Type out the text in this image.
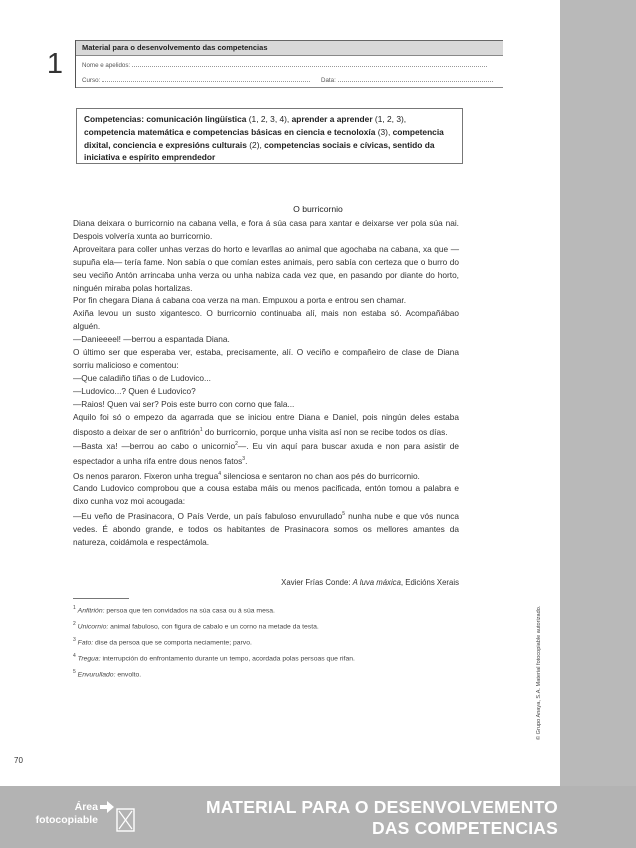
1
Material para o desenvolvemento das competencias
Nome e apelidos:
Curso:	Data:
Competencias: comunicación lingüística (1, 2, 3, 4), aprender a aprender (1, 2, 3), competencia matemática e competencias básicas en ciencia e tecnoloxía (3), competencia dixital, conciencia e expresións culturais (2), competencias sociais e cívicas, sentido da iniciativa e espírito emprendedor
O burricornio

Diana deixara o burricornio na cabana vella, e fora á súa casa para xantar e deixarse ver pola súa nai. Despois volvería xunta ao burricornio.

Aproveitara para coller unhas verzas do horto e levarllas ao animal que agochaba na cabana, xa que —supuña ela— tería fame. Non sabía o que comían estes animais, pero sabía con certeza que o burro do seu veciño Antón arrincaba unha verza ou unha nabiza cada vez que, en pasando por diante do horto, ninguén miraba polas hortalizas.

Por fin chegara Diana á cabana coa verza na man. Empuxou a porta e entrou sen chamar.

Axiña levou un susto xigantesco. O burricornio continuaba alí, mais non estaba só. Acompañábao alguén.

—Danieeeel! —berrou a espantada Diana.

O último ser que esperaba ver, estaba, precisamente, alí. O veciño e compañeiro de clase de Diana sorriu malicioso e comentou:

—Que caladiño tiñas o de Ludovico...

—Ludovico...? Quen é Ludovico?

—Raios! Quen vai ser? Pois este burro con corno que fala...

Aquilo foi só o empezo da agarrada que se iniciou entre Diana e Daniel, pois ningún deles estaba disposto a deixar de ser o anfitrión$^1$ do burricornio, porque unha visita así non se recibe todos os días.

—Basta xa! —berrou ao cabo o unicornio$^2$—. Eu vin aquí para buscar axuda e non para asistir de espectador a unha rifa entre dous nenos fatos$^3$.

Os nenos pararon. Fixeron unha tregua$^4$ silenciosa e sentaron no chan aos pés do burricornio.

Cando Ludovico comprobou que a cousa estaba máis ou menos pacificada, entón tomou a palabra e dixo cunha voz moi acougada:

—Eu veño de Prasinacora, O País Verde, un país fabuloso envurullado$^5$ nunha nube e que vós nunca vedes. É abondo grande, e todos os habitantes de Prasinacora somos os mellores amantes da natureza, coidámola e respectámola.

Xavier Frías Conde: A luva máxica, Edicións Xerais
$^1$ Anfitrión: persoa que ten convidados na súa casa ou á súa mesa.
$^2$ Unicornio: animal fabuloso, con figura de cabalo e un corno na metade da testa.
$^3$ Fato: dise da persoa que se comporta neciamente; parvo.
$^4$ Tregua: interrupción do enfrontamento durante un tempo, acordada polas persoas que rifan.
$^5$ Envurullado: envolto.	© Grupo Anaya, S.A. Material fotocopiable autorizado.
70
Área
fotocopiable
MATERIAL PARA O DESENVOLVEMENTO
DAS COMPETENCIAS
